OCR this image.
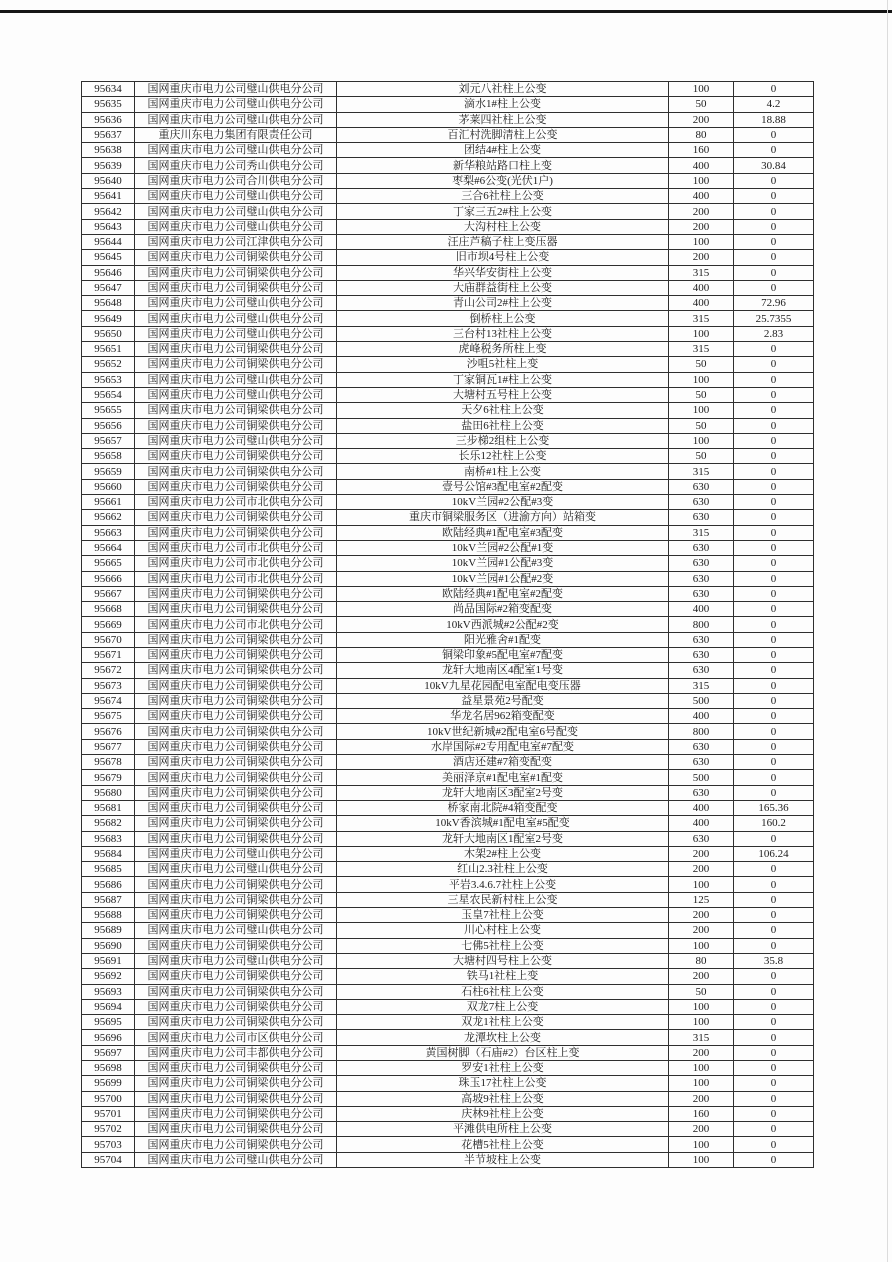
95634	国网重庆市电力公司璧山供电分公司	刘元八社柱上公变	100	0
95635	国网重庆市电力公司璧山供电分公司	滴水1#柱上公变	50	4.2
95636	国网重庆市电力公司璧山供电分公司	茅莱四社柱上公变	200	18.88
95637	重庆川东电力集团有限责任公司	百汇村洗脚清柱上公变	80	0
95638	国网重庆市电力公司璧山供电分公司	团结4#柱上公变	160	0
95639	国网重庆市电力公司秀山供电分公司	新华粮站路口柱上变	400	30.84
95640	国网重庆市电力公司合川供电分公司	枣梨#6公变(光伏1户)	100	0
95641	国网重庆市电力公司璧山供电分公司	三合6社柱上公变	400	0
95642	国网重庆市电力公司璧山供电分公司	丁家三五2#柱上公变	200	0
95643	国网重庆市电力公司璧山供电分公司	大沟村柱上公变	200	0
95644	国网重庆市电力公司江津供电分公司	汪庄芦稿子柱上变压器	100	0
95645	国网重庆市电力公司铜梁供电分公司	旧市坝4号柱上公变	200	0
95646	国网重庆市电力公司铜梁供电分公司	华兴华安街柱上公变	315	0
95647	国网重庆市电力公司铜梁供电分公司	大庙群益街柱上公变	400	0
95648	国网重庆市电力公司璧山供电分公司	青山公司2#柱上公变	400	72.96
95649	国网重庆市电力公司璧山供电分公司	倒桥柱上公变	315	25.7355
95650	国网重庆市电力公司璧山供电分公司	三台村13社柱上公变	100	2.83
95651	国网重庆市电力公司铜梁供电分公司	虎峰税务所柱上变	315	0
95652	国网重庆市电力公司铜梁供电分公司	沙咀5社柱上变	50	0
95653	国网重庆市电力公司璧山供电分公司	丁家铜瓦1#柱上公变	100	0
95654	国网重庆市电力公司璧山供电分公司	大塘村五号柱上公变	50	0
95655	国网重庆市电力公司铜梁供电分公司	天夕6社柱上公变	100	0
95656	国网重庆市电力公司铜梁供电分公司	盐田6社柱上公变	50	0
95657	国网重庆市电力公司璧山供电分公司	三步梯2组柱上公变	100	0
95658	国网重庆市电力公司铜梁供电分公司	长乐12社柱上公变	50	0
95659	国网重庆市电力公司铜梁供电分公司	南桥#1柱上公变	315	0
95660	国网重庆市电力公司铜梁供电分公司	壹号公馆#3配电室#2配变	630	0
95661	国网重庆市电力公司市北供电分公司	10kV兰园#2公配#3变	630	0
95662	国网重庆市电力公司铜梁供电分公司	重庆市铜梁服务区（进渝方向）站箱变	630	0
95663	国网重庆市电力公司铜梁供电分公司	欧陆经典#1配电室#3配变	315	0
95664	国网重庆市电力公司市北供电分公司	10kV兰园#2公配#1变	630	0
95665	国网重庆市电力公司市北供电分公司	10kV兰园#1公配#3变	630	0
95666	国网重庆市电力公司市北供电分公司	10kV兰园#1公配#2变	630	0
95667	国网重庆市电力公司铜梁供电分公司	欧陆经典#1配电室#2配变	630	0
95668	国网重庆市电力公司铜梁供电分公司	尚品国际#2箱变配变	400	0
95669	国网重庆市电力公司市北供电分公司	10kV西派城#2公配#2变	800	0
95670	国网重庆市电力公司铜梁供电分公司	阳光雅舍#1配变	630	0
95671	国网重庆市电力公司铜梁供电分公司	铜梁印象#5配电室#7配变	630	0
95672	国网重庆市电力公司铜梁供电分公司	龙轩大地南区4配室1号变	630	0
95673	国网重庆市电力公司铜梁供电分公司	10kV九星花园配电室配电变压器	315	0
95674	国网重庆市电力公司铜梁供电分公司	益星景苑2号配变	500	0
95675	国网重庆市电力公司铜梁供电分公司	华龙名居962箱变配变	400	0
95676	国网重庆市电力公司铜梁供电分公司	10kV世纪新城#2配电室6号配变	800	0
95677	国网重庆市电力公司铜梁供电分公司	水岸国际#2专用配电室#7配变	630	0
95678	国网重庆市电力公司铜梁供电分公司	酒店还建#7箱变配变	630	0
95679	国网重庆市电力公司铜梁供电分公司	美丽泽京#1配电室#1配变	500	0
95680	国网重庆市电力公司铜梁供电分公司	龙轩大地南区3配室2号变	630	0
95681	国网重庆市电力公司铜梁供电分公司	桥家南北院#4箱变配变	400	165.36
95682	国网重庆市电力公司铜梁供电分公司	10kV香滨城#1配电室#5配变	400	160.2
95683	国网重庆市电力公司铜梁供电分公司	龙轩大地南区1配室2号变	630	0
95684	国网重庆市电力公司璧山供电分公司	木架2#柱上公变	200	106.24
95685	国网重庆市电力公司璧山供电分公司	红山2.3社柱上公变	200	0
95686	国网重庆市电力公司铜梁供电分公司	平岩3.4.6.7社柱上公变	100	0
95687	国网重庆市电力公司铜梁供电分公司	三星农民新村柱上公变	125	0
95688	国网重庆市电力公司铜梁供电分公司	玉皇7社柱上公变	200	0
95689	国网重庆市电力公司璧山供电分公司	川心村柱上公变	200	0
95690	国网重庆市电力公司铜梁供电分公司	七佛5社柱上公变	100	0
95691	国网重庆市电力公司璧山供电分公司	大塘村四号柱上公变	80	35.8
95692	国网重庆市电力公司铜梁供电分公司	铁马1社柱上变	200	0
95693	国网重庆市电力公司铜梁供电分公司	石柱6社柱上公变	50	0
95694	国网重庆市电力公司铜梁供电分公司	双龙7柱上公变	100	0
95695	国网重庆市电力公司铜梁供电分公司	双龙1社柱上公变	100	0
95696	国网重庆市电力公司市区供电分公司	龙潭坎柱上公变	315	0
95697	国网重庆市电力公司丰都供电分公司	黄国树脚（石庙#2）台区柱上变	200	0
95698	国网重庆市电力公司铜梁供电分公司	罗安1社柱上公变	100	0
95699	国网重庆市电力公司铜梁供电分公司	珠玉17社柱上公变	100	0
95700	国网重庆市电力公司铜梁供电分公司	高坡9社柱上公变	200	0
95701	国网重庆市电力公司铜梁供电分公司	庆林9社柱上公变	160	0
95702	国网重庆市电力公司铜梁供电分公司	平滩供电所柱上公变	200	0
95703	国网重庆市电力公司铜梁供电分公司	花槽5社柱上公变	100	0
95704	国网重庆市电力公司璧山供电分公司	半节坡柱上公变	100	0
